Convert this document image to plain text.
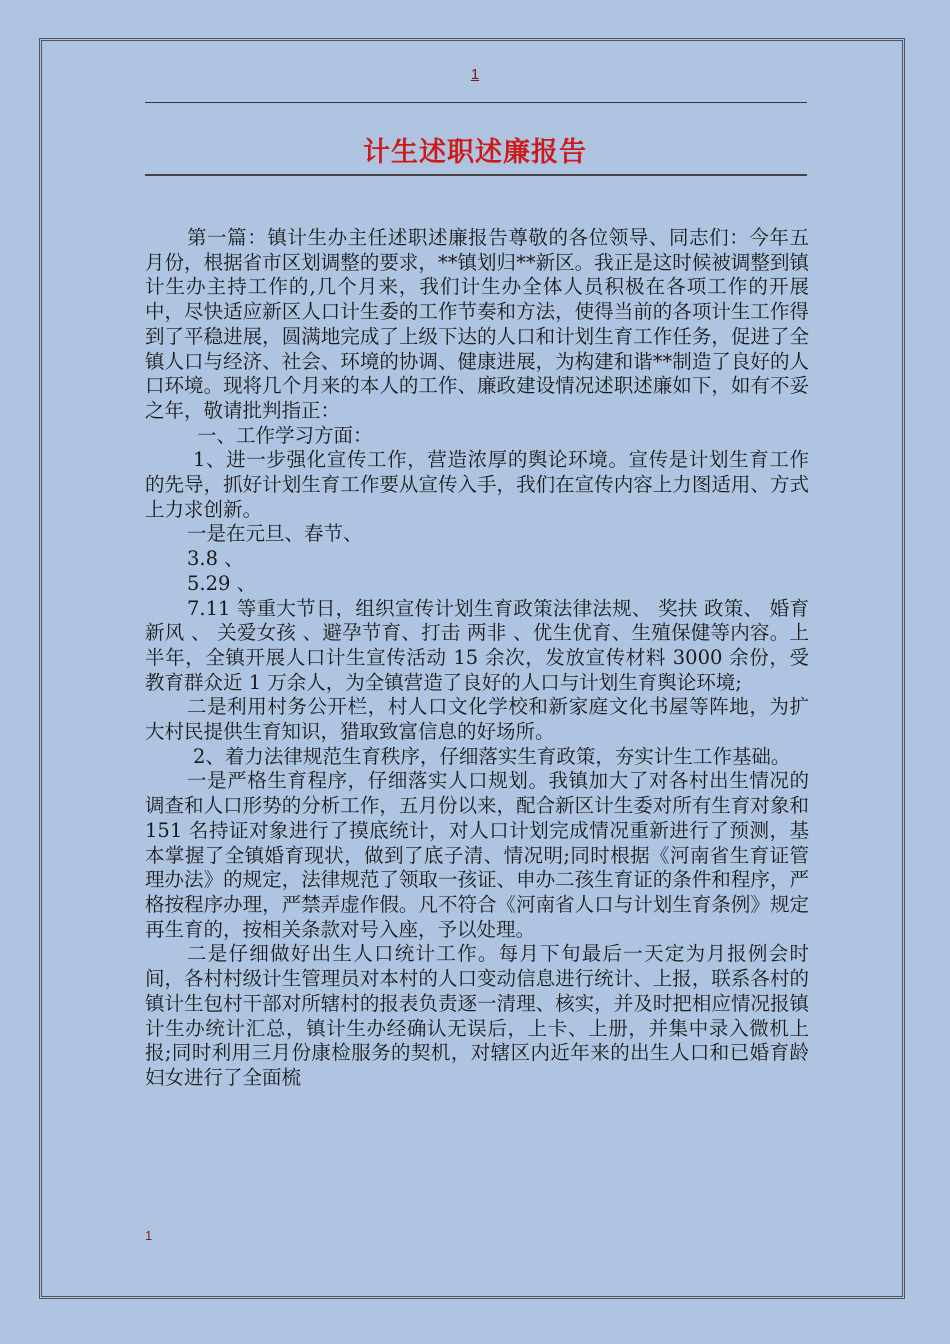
1
计生述职述廉报告

第一篇：镇计生办主任述职述廉报告尊敬的各位领导、同志们：今年五月份，根据省市区划调整的要求，**镇划归**新区。我正是这时候被调整到镇计生办主持工作的,几个月来，我们计生办全体人员积极在各项工作的开展中，尽快适应新区人口计生委的工作节奏和方法，使得当前的各项计生工作得到了平稳进展，圆满地完成了上级下达的人口和计划生育工作任务，促进了全镇人口与经济、社会、环境的协调、健康进展，为构建和谐**制造了良好的人口环境。现将几个月来的本人的工作、廉政建设情况述职述廉如下，如有不妥之年，敬请批判指正：

一、工作学习方面：

1、进一步强化宣传工作，营造浓厚的舆论环境。宣传是计划生育工作的先导，抓好计划生育工作要从宣传入手，我们在宣传内容上力图适用、方式上力求创新。

一是在元旦、春节、

3.8 、

5.29 、

7.11 等重大节日，组织宣传计划生育政策法律法规、 奖扶 政策、 婚育新风 、 关爱女孩 、避孕节育、打击 两非 、优生优育、生殖保健等内容。上半年，全镇开展人口计生宣传活动 15 余次，发放宣传材料 3000 余份，受教育群众近 1 万余人，为全镇营造了良好的人口与计划生育舆论环境;

二是利用村务公开栏，村人口文化学校和新家庭文化书屋等阵地，为扩大村民提供生育知识，猎取致富信息的好场所。

2、着力法律规范生育秩序，仔细落实生育政策，夯实计生工作基础。

一是严格生育程序，仔细落实人口规划。我镇加大了对各村出生情况的调查和人口形势的分析工作，五月份以来，配合新区计生委对所有生育对象和 151 名持证对象进行了摸底统计，对人口计划完成情况重新进行了预测，基本掌握了全镇婚育现状，做到了底子清、情况明;同时根据《河南省生育证管理办法》的规定，法律规范了领取一孩证、申办二孩生育证的条件和程序，严格按程序办理，严禁弄虚作假。凡不符合《河南省人口与计划生育条例》规定再生育的，按相关条款对号入座，予以处理。

二是仔细做好出生人口统计工作。每月下旬最后一天定为月报例会时间，各村村级计生管理员对本村的人口变动信息进行统计、上报，联系各村的镇计生包村干部对所辖村的报表负责逐一清理、核实，并及时把相应情况报镇计生办统计汇总，镇计生办经确认无误后，上卡、上册，并集中录入微机上报;同时利用三月份康检服务的契机，对辖区内近年来的出生人口和已婚育龄妇女进行了全面梳

1
